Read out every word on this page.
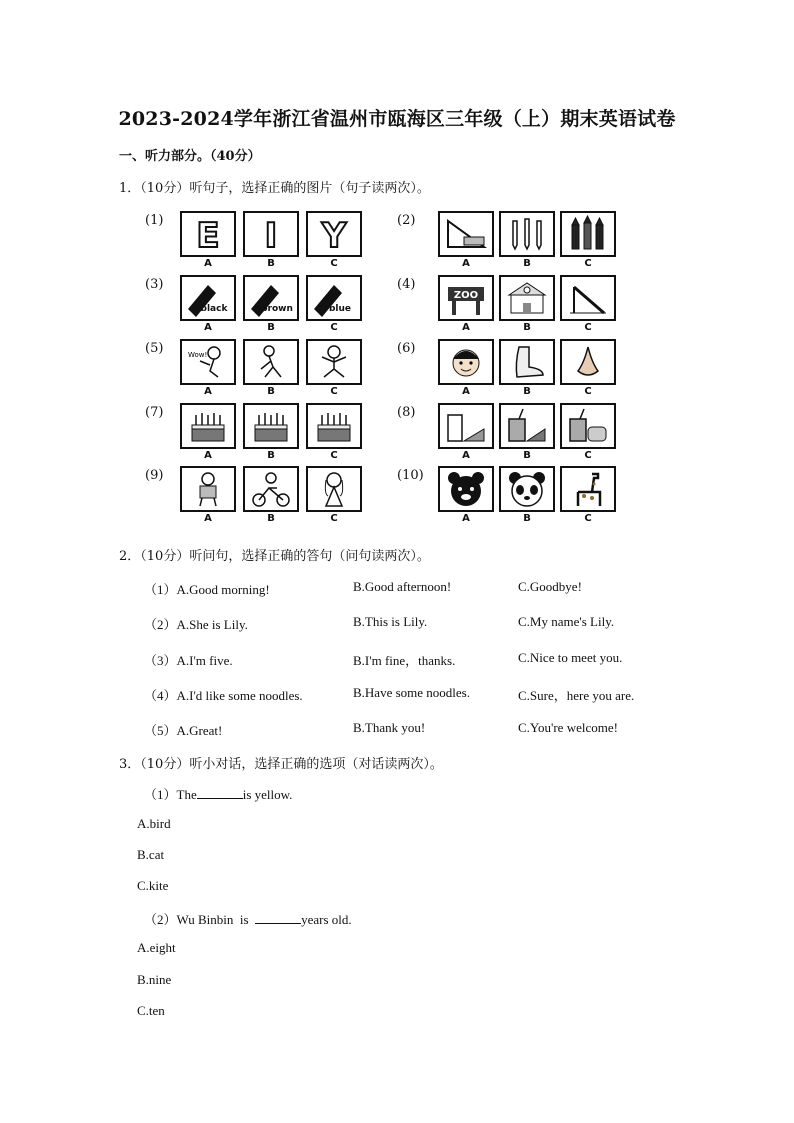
2023-2024学年浙江省温州市瓯海区三年级（上）期末英语试卷
一、听力部分。（40分）
1．（10分）听句子，选择正确的图片（句子读两次）。
(1) E
A
I
B
Y
C
(2)
A	B	C
(3)
black
A
brown
B
blue
C
(4)
ZOO
A	B	C
(5)	Wow!
A	B	C
(6)
A	B	C
(7)
A	B	C
(8)
A	B	C
(9)
A	B	C
(10)
A	B	C
2．（10分）听问句，选择正确的答句（问句读两次）。
（1）A.Good morning!	B.Good afternoon!	C.Goodbye!
（2）A.She is Lily.	B.This is Lily.	C.My name's Lily.
（3）A.I'm five.	B.I'm fine，thanks.	C.Nice to meet you.
（4）A.I'd like some noodles.	B.Have some noodles.	C.Sure，here you are.
（5）A.Great!	B.Thank you!	C.You're welcome!
3．（10分）听小对话，选择正确的选项（对话读两次）。
（1）The	is yellow.
A.bird
B.cat
C.kite
（2）Wu Binbin  is	years old.
A.eight
B.nine
C.ten
